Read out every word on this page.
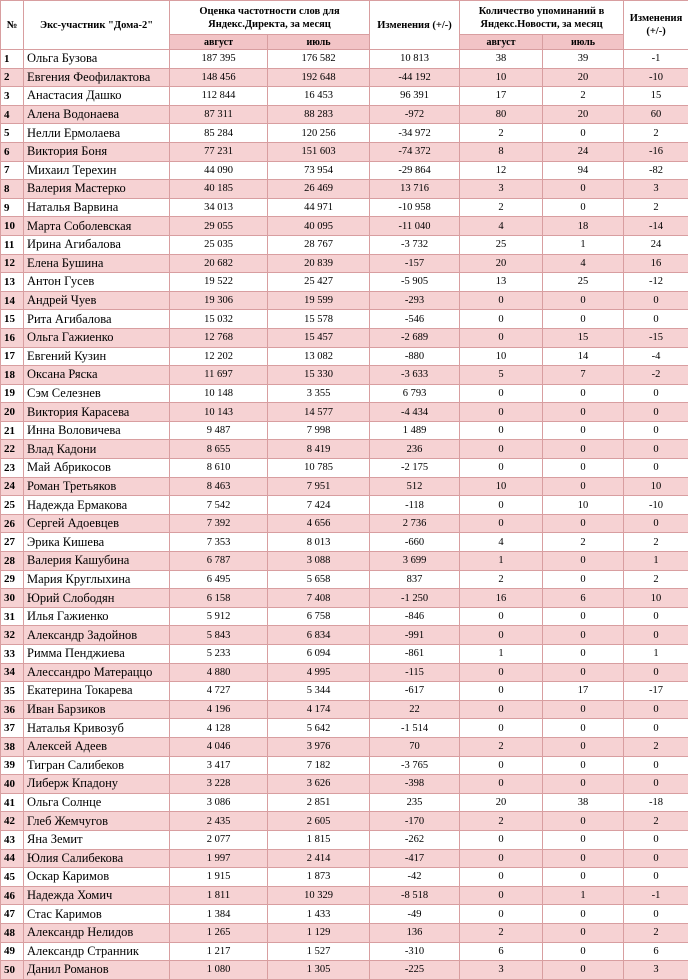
№	Экс-участник "Дома-2"	Оценка частотности слов для Яндекс.Директа, за месяц		Изменения (+/-)	Количество упоминаний в Яндекс.Новости, за месяц		Изменения (+/-)
		август	июль		август	июль	
1	Ольга Бузова	187 395	176 582	10 813	38	39	-1
2	Евгения Феофилактова	148 456	192 648	-44 192	10	20	-10
3	Анастасия Дашко	112 844	16 453	96 391	17	2	15
4	Алена Водонаева	87 311	88 283	-972	80	20	60
5	Нелли Ермолаева	85 284	120 256	-34 972	2	0	2
6	Виктория Боня	77 231	151 603	-74 372	8	24	-16
7	Михаил Терехин	44 090	73 954	-29 864	12	94	-82
8	Валерия Мастерко	40 185	26 469	13 716	3	0	3
9	Наталья Варвина	34 013	44 971	-10 958	2	0	2
10	Марта Соболевская	29 055	40 095	-11 040	4	18	-14
11	Ирина Агибалова	25 035	28 767	-3 732	25	1	24
12	Елена Бушина	20 682	20 839	-157	20	4	16
13	Антон Гусев	19 522	25 427	-5 905	13	25	-12
14	Андрей Чуев	19 306	19 599	-293	0	0	0
15	Рита Агибалова	15 032	15 578	-546	0	0	0
16	Ольга Гажиенко	12 768	15 457	-2 689	0	15	-15
17	Евгений Кузин	12 202	13 082	-880	10	14	-4
18	Оксана Ряска	11 697	15 330	-3 633	5	7	-2
19	Сэм Селезнев	10 148	3 355	6 793	0	0	0
20	Виктория Карасева	10 143	14 577	-4 434	0	0	0
21	Инна Воловичева	9 487	7 998	1 489	0	0	0
22	Влад Кадони	8 655	8 419	236	0	0	0
23	Май Абрикосов	8 610	10 785	-2 175	0	0	0
24	Роман Третьяков	8 463	7 951	512	10	0	10
25	Надежда Ермакова	7 542	7 424	-118	0	10	-10
26	Сергей Адоевцев	7 392	4 656	2 736	0	0	0
27	Эрика Кишева	7 353	8 013	-660	4	2	2
28	Валерия Кашубина	6 787	3 088	3 699	1	0	1
29	Мария Круглыхина	6 495	5 658	837	2	0	2
30	Юрий Слободян	6 158	7 408	-1 250	16	6	10
31	Илья Гажиенко	5 912	6 758	-846	0	0	0
32	Александр Задойнов	5 843	6 834	-991	0	0	0
33	Римма Пенджиева	5 233	6 094	-861	1	0	1
34	Алессандро Матераццо	4 880	4 995	-115	0	0	0
35	Екатерина Токарева	4 727	5 344	-617	0	17	-17
36	Иван Барзиков	4 196	4 174	22	0	0	0
37	Наталья Кривозуб	4 128	5 642	-1 514	0	0	0
38	Алексей Адеев	4 046	3 976	70	2	0	2
39	Тигран Салибеков	3 417	7 182	-3 765	0	0	0
40	Либерж Кпадону	3 228	3 626	-398	0	0	0
41	Ольга Солнце	3 086	2 851	235	20	38	-18
42	Глеб Жемчугов	2 435	2 605	-170	2	0	2
43	Яна Земит	2 077	1 815	-262	0	0	0
44	Юлия Салибекова	1 997	2 414	-417	0	0	0
45	Оскар Каримов	1 915	1 873	-42	0	0	0
46	Надежда Хомич	1 811	10 329	-8 518	0	1	-1
47	Стас Каримов	1 384	1 433	-49	0	0	0
48	Александр Нелидов	1 265	1 129	136	2	0	2
49	Александр Странник	1 217	1 527	-310	6	0	6
50	Данил Романов	1 080	1 305	-225	3	0	3
